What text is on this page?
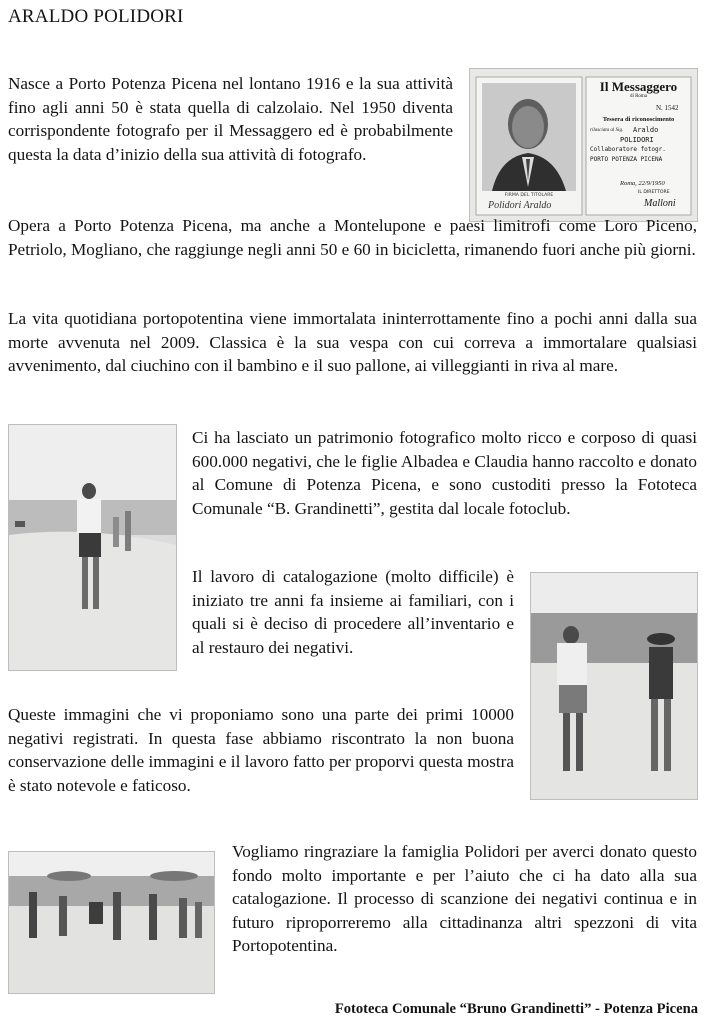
ARALDO POLIDORI

Nasce a Porto Potenza Picena nel lontano 1916 e la sua attività fino agli anni 50 è stata quella di calzolaio. Nel 1950 diventa corrispondente fotografo per il Messaggero ed è probabilmente questa la data d’inizio della sua attività di fotografo.

FIRMA DEL TITOLARE
Polidori Araldo
Il Messaggero
di Roma
N. 1542
Tessera di riconoscimento
rilasciata al Sig. Araldo
POLIDORI
Collaboratore fotogr.
PORTO POTENZA PICENA
Roma, 22/9/1950
IL DIRETTORE
Malloni

Opera a Porto Potenza Picena, ma anche a Montelupone e paesi limitrofi come Loro Piceno, Petriolo, Mogliano, che raggiunge negli anni 50 e 60 in bicicletta, rimanendo fuori anche più giorni.

La vita quotidiana portopotentina viene immortalata ininterrottamente fino a pochi anni dalla sua morte avvenuta nel 2009. Classica è la sua vespa con cui correva a immortalare qualsiasi avvenimento, dal ciuchino con il bambino e il suo pallone, ai villeggianti in riva al mare.

Ci ha lasciato un patrimonio fotografico molto ricco e corposo di quasi 600.000 negativi, che le figlie Albadea e Claudia hanno raccolto e donato al Comune di Potenza Picena, e sono custoditi presso la Fototeca Comunale “B. Grandinetti”, gestita dal locale fotoclub.

Il lavoro di catalogazione (molto difficile) è iniziato tre anni fa insieme ai familiari, con i quali si è deciso di procedere all’inventario e al restauro dei negativi.

Queste immagini che vi proponiamo sono una parte dei primi 10000 negativi registrati. In questa fase abbiamo riscontrato la non buona conservazione delle immagini e il lavoro fatto per proporvi questa mostra è stato notevole e faticoso.

Vogliamo ringraziare la famiglia Polidori per averci donato questo fondo molto importante e per l’aiuto che ci ha dato alla sua catalogazione. Il processo di scanzione dei negativi continua e in futuro riproporreremo alla cittadinanza altri spezzoni di vita Portopotentina.

Fototeca Comunale “Bruno Grandinetti” - Potenza Picena
